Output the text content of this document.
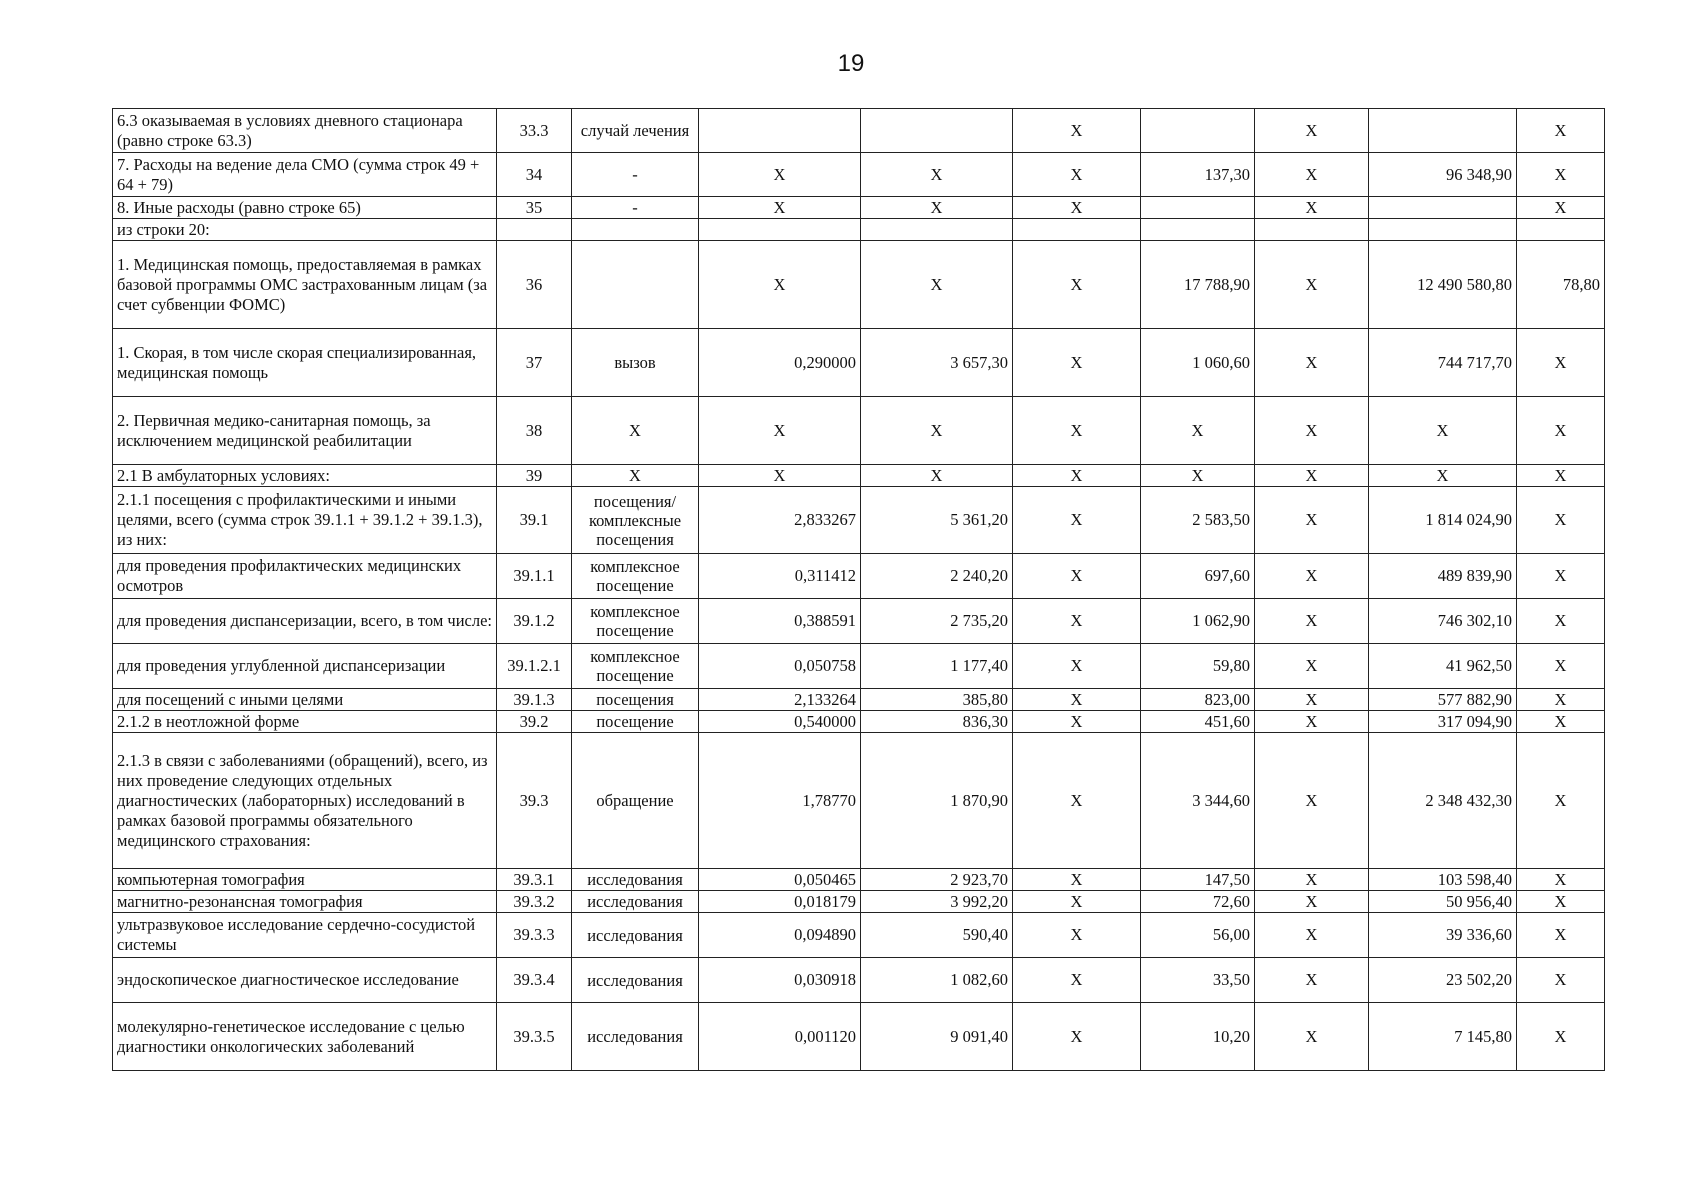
19
6.3 оказываемая в условиях дневного стационара (равно строке 63.3)	33.3	случай лечения			Х		Х		Х
7. Расходы на ведение дела СМО (сумма строк 49 + 64 + 79)	34	-	Х	Х	Х	137,30	Х	96 348,90	Х
8. Иные расходы (равно строке 65)	35	-	Х	Х	Х		Х		Х
из строки 20:									
1. Медицинская помощь, предоставляемая в рамках базовой программы ОМС застрахованным лицам (за счет субвенции ФОМС)	36		Х	Х	Х	17 788,90	Х	12 490 580,80	78,80
1. Скорая, в том числе скорая специализированная, медицинская помощь	37	вызов	0,290000	3 657,30	Х	1 060,60	Х	744 717,70	Х
2. Первичная медико-санитарная помощь, за исключением медицинской реабилитации	38	Х	Х	Х	Х	Х	Х	Х	Х
2.1 В амбулаторных условиях:	39	Х	Х	Х	Х	Х	Х	Х	Х
2.1.1 посещения с профилактическими и иными целями, всего (сумма строк 39.1.1 + 39.1.2 + 39.1.3), из них:	39.1	посещения/комплексные посещения	2,833267	5 361,20	Х	2 583,50	Х	1 814 024,90	Х
для проведения профилактических медицинских осмотров	39.1.1	комплексное посещение	0,311412	2 240,20	Х	697,60	Х	489 839,90	Х
для проведения диспансеризации, всего, в том числе:	39.1.2	комплексное посещение	0,388591	2 735,20	Х	1 062,90	Х	746 302,10	Х
для проведения углубленной диспансеризации	39.1.2.1	комплексное посещение	0,050758	1 177,40	Х	59,80	Х	41 962,50	Х
для посещений с иными целями	39.1.3	посещения	2,133264	385,80	Х	823,00	Х	577 882,90	Х
2.1.2 в неотложной форме	39.2	посещение	0,540000	836,30	Х	451,60	Х	317 094,90	Х
2.1.3 в связи с заболеваниями (обращений), всего, из них проведение следующих отдельных диагностических (лабораторных) исследований в рамках базовой программы обязательного медицинского страхования:	39.3	обращение	1,78770	1 870,90	Х	3 344,60	Х	2 348 432,30	Х
компьютерная томография	39.3.1	исследования	0,050465	2 923,70	Х	147,50	Х	103 598,40	Х
магнитно-резонансная томография	39.3.2	исследования	0,018179	3 992,20	Х	72,60	Х	50 956,40	Х
ультразвуковое исследование сердечно-сосудистой системы	39.3.3	исследования	0,094890	590,40	Х	56,00	Х	39 336,60	Х
эндоскопическое диагностическое исследование	39.3.4	исследования	0,030918	1 082,60	Х	33,50	Х	23 502,20	Х
молекулярно-генетическое исследование с целью диагностики онкологических заболеваний	39.3.5	исследования	0,001120	9 091,40	Х	10,20	Х	7 145,80	Х
